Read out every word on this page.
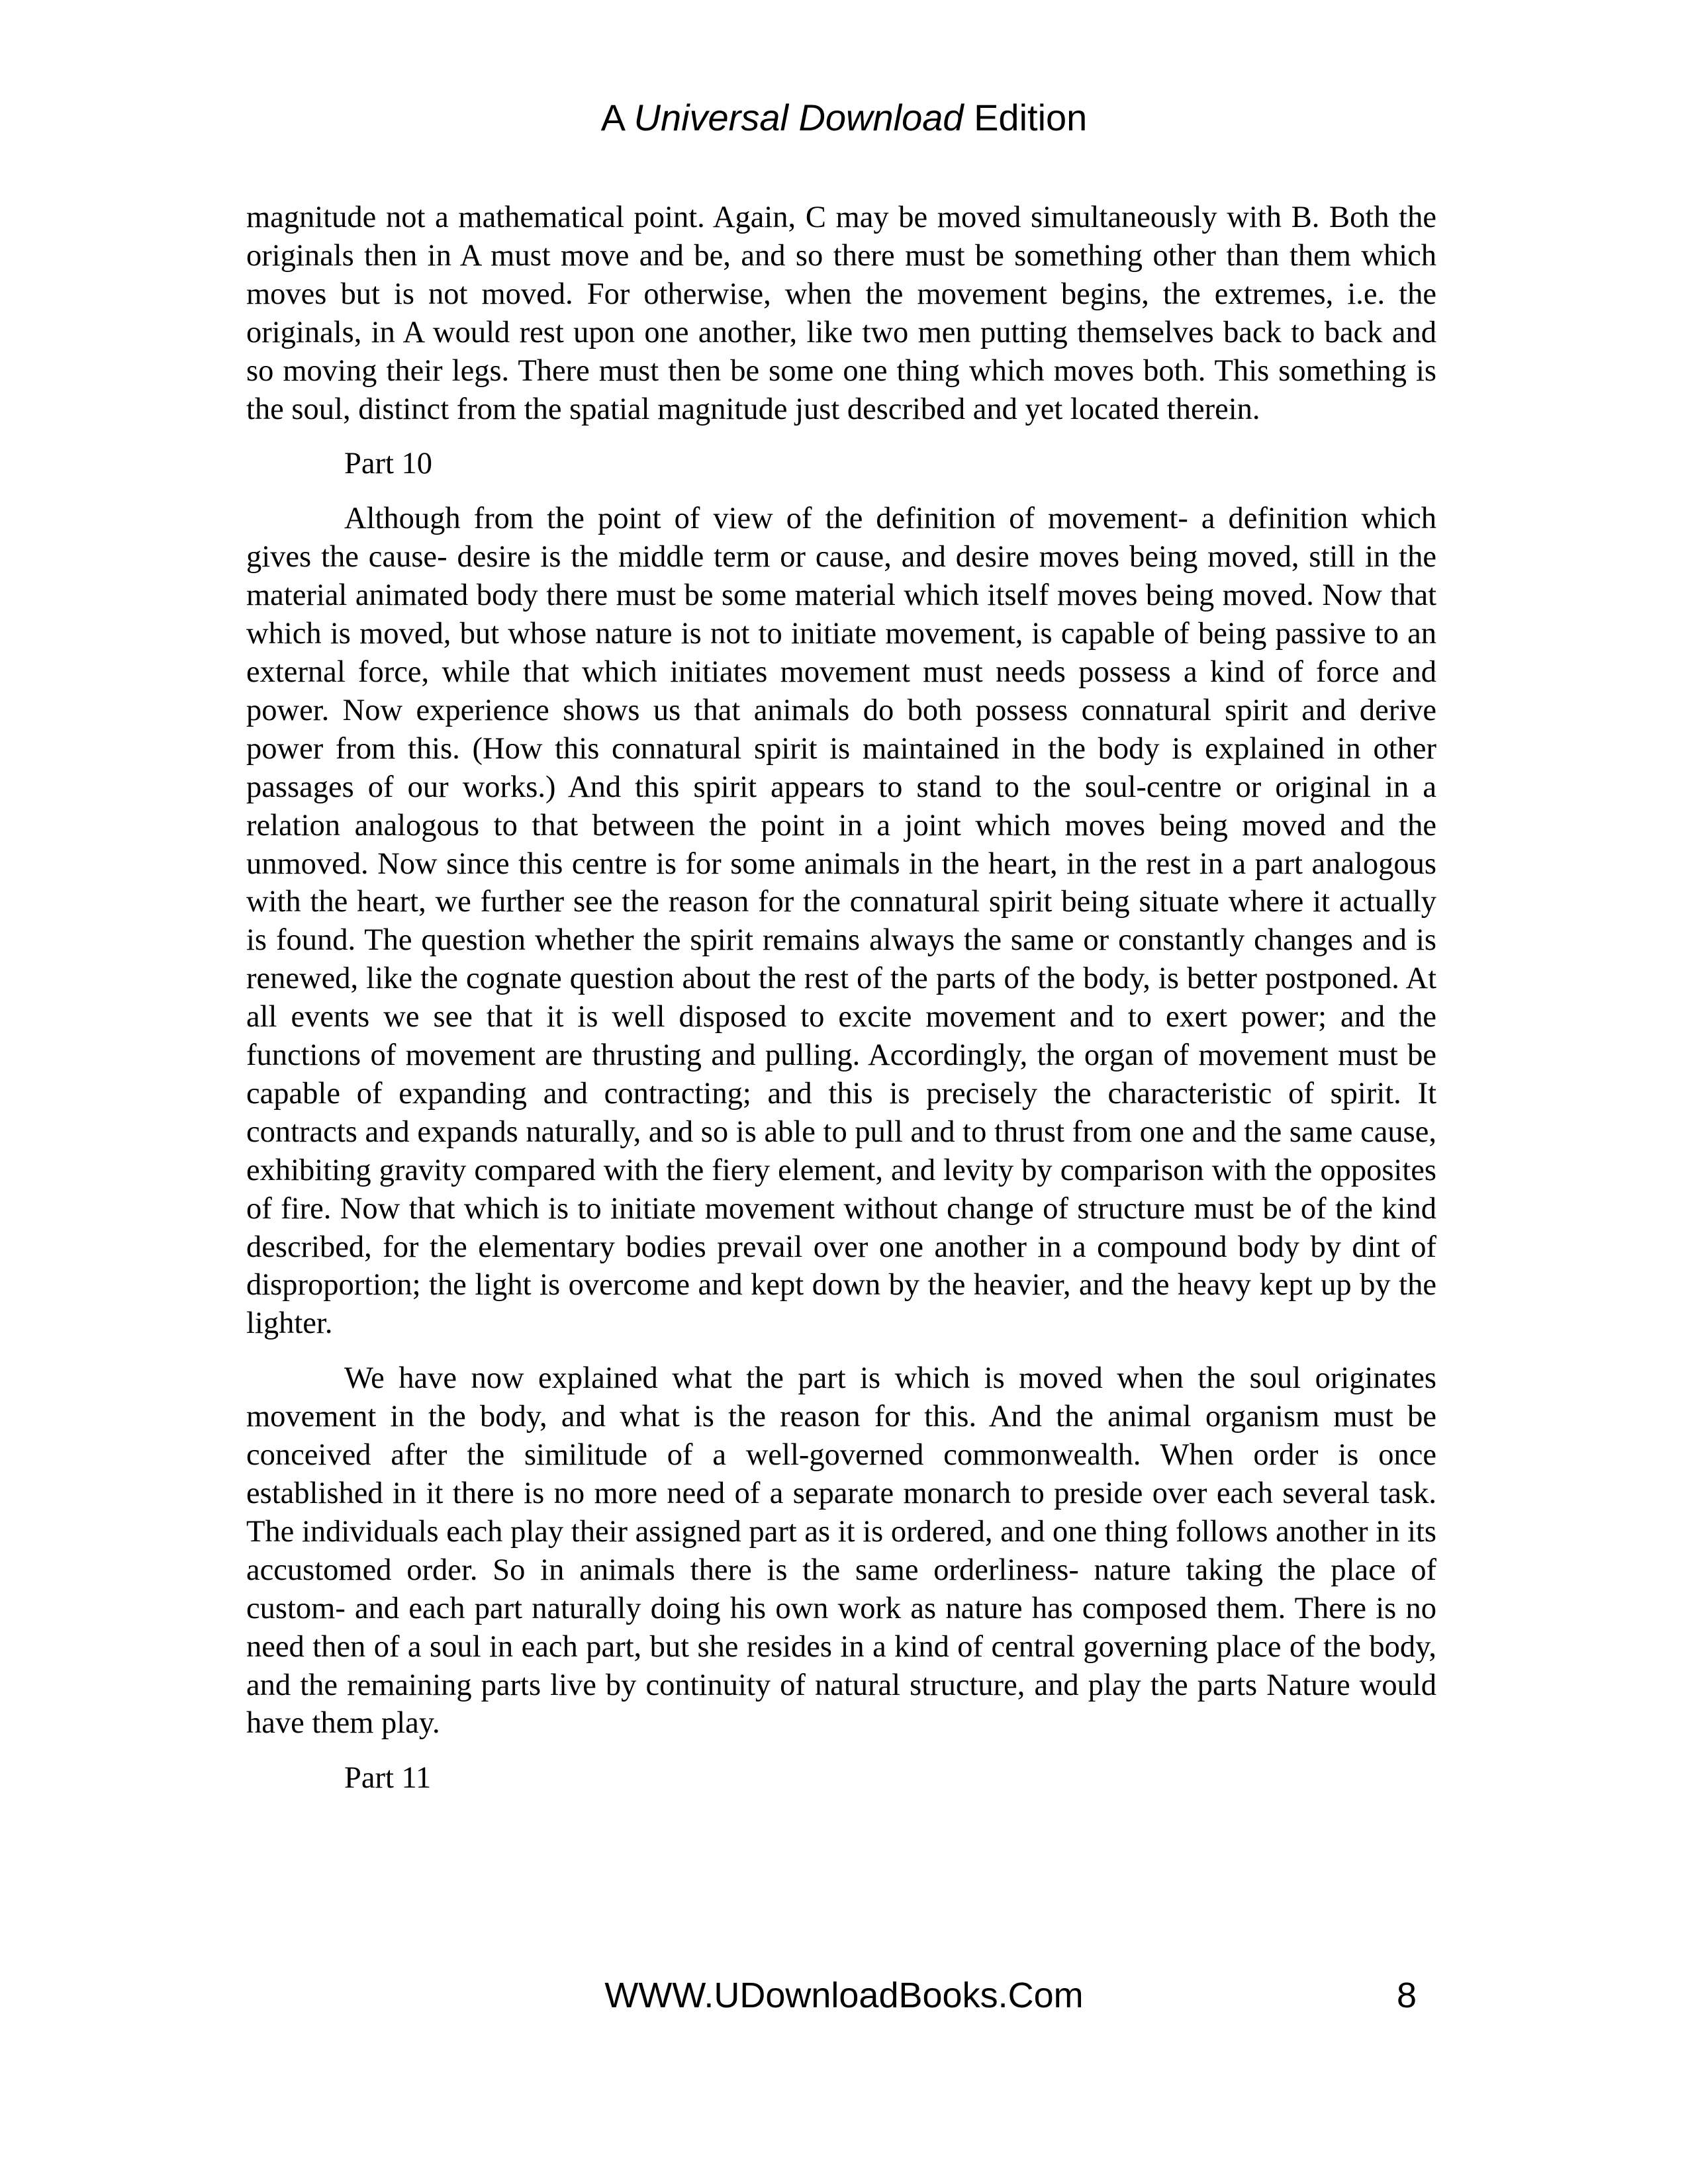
A Universal Download Edition

magnitude not a mathematical point. Again, C may be moved simultaneously with B. Both the originals then in A must move and be, and so there must be something other than them which moves but is not moved. For otherwise, when the movement begins, the extremes, i.e. the originals, in A would rest upon one another, like two men putting themselves back to back and so moving their legs. There must then be some one thing which moves both. This something is the soul, distinct from the spatial magnitude just described and yet located therein.

Part 10

Although from the point of view of the definition of movement- a definition which gives the cause- desire is the middle term or cause, and desire moves being moved, still in the material animated body there must be some material which itself moves being moved. Now that which is moved, but whose nature is not to initiate movement, is capable of being passive to an external force, while that which initiates movement must needs possess a kind of force and power. Now experience shows us that animals do both possess connatural spirit and derive power from this. (How this connatural spirit is maintained in the body is explained in other passages of our works.) And this spirit appears to stand to the soul-centre or original in a relation analogous to that between the point in a joint which moves being moved and the unmoved. Now since this centre is for some animals in the heart, in the rest in a part analogous with the heart, we further see the reason for the connatural spirit being situate where it actually is found. The question whether the spirit remains always the same or constantly changes and is renewed, like the cognate question about the rest of the parts of the body, is better postponed. At all events we see that it is well disposed to excite movement and to exert power; and the functions of movement are thrusting and pulling. Accordingly, the organ of movement must be capable of expanding and contracting; and this is precisely the characteristic of spirit. It contracts and expands naturally, and so is able to pull and to thrust from one and the same cause, exhibiting gravity compared with the fiery element, and levity by comparison with the opposites of fire. Now that which is to initiate movement without change of structure must be of the kind described, for the elementary bodies prevail over one another in a compound body by dint of disproportion; the light is overcome and kept down by the heavier, and the heavy kept up by the lighter.

We have now explained what the part is which is moved when the soul originates movement in the body, and what is the reason for this. And the animal organism must be conceived after the similitude of a well-governed commonwealth. When order is once established in it there is no more need of a separate monarch to preside over each several task. The individuals each play their assigned part as it is ordered, and one thing follows another in its accustomed order. So in animals there is the same orderliness- nature taking the place of custom- and each part naturally doing his own work as nature has composed them. There is no need then of a soul in each part, but she resides in a kind of central governing place of the body, and the remaining parts live by continuity of natural structure, and play the parts Nature would have them play.

Part 11
WWW.UDownloadBooks.Com	8
